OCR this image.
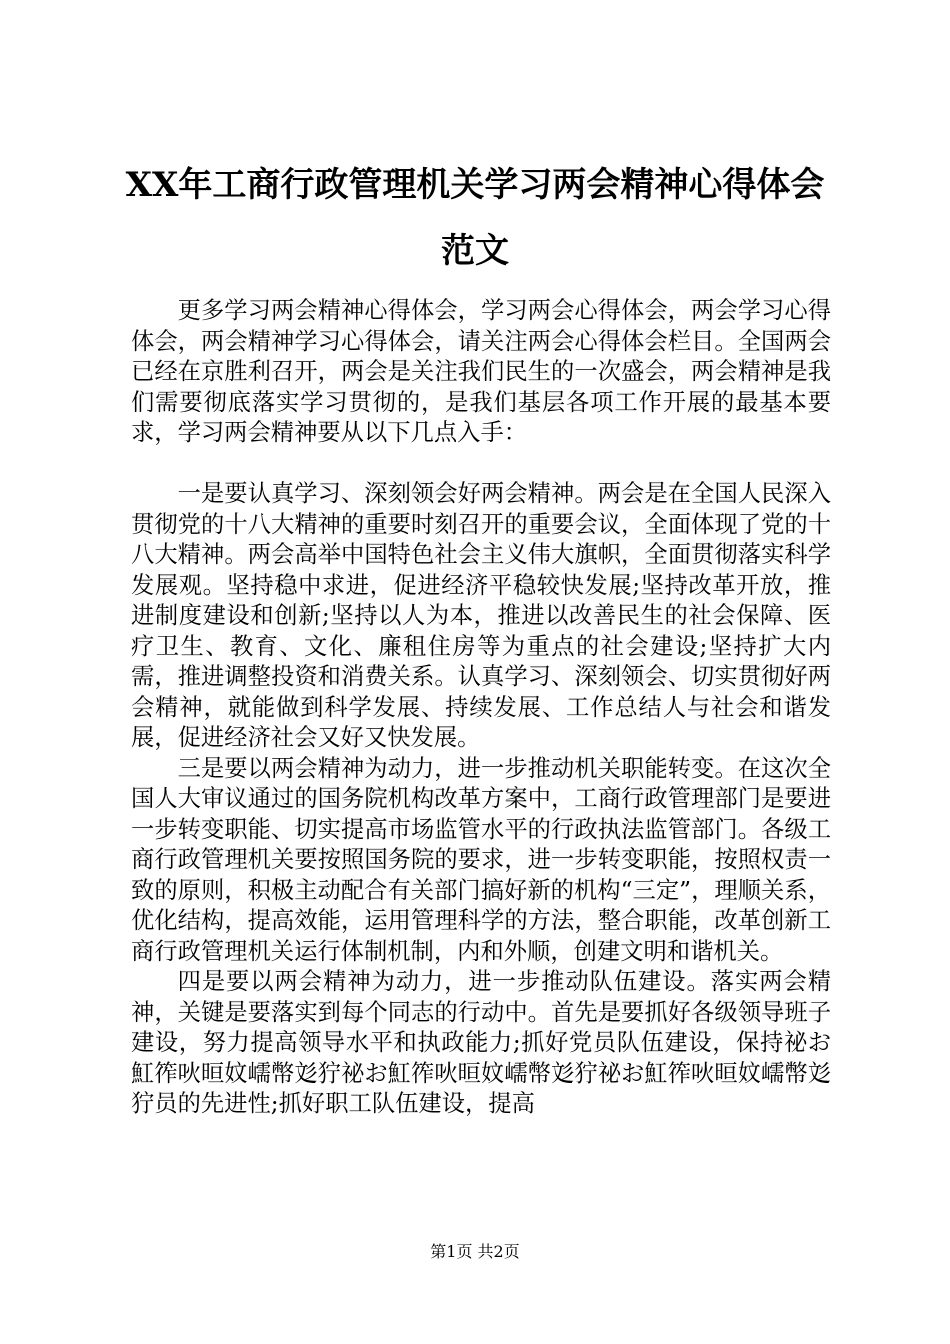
XX年工商行政管理机关学习两会精神心得体会范文

更多学习两会精神心得体会，学习两会心得体会，两会学习心得体会，两会精神学习心得体会，请关注两会心得体会栏目。全国两会已经在京胜利召开，两会是关注我们民生的一次盛会，两会精神是我们需要彻底落实学习贯彻的，是我们基层各项工作开展的最基本要求，学习两会精神要从以下几点入手：

一是要认真学习、深刻领会好两会精神。两会是在全国人民深入贯彻党的十八大精神的重要时刻召开的重要会议，全面体现了党的十八大精神。两会高举中国特色社会主义伟大旗帜，全面贯彻落实科学发展观。坚持稳中求进，促进经济平稳较快发展;坚持改革开放，推进制度建设和创新;坚持以人为本，推进以改善民生的社会保障、医疗卫生、教育、文化、廉租住房等为重点的社会建设;坚持扩大内需，推进调整投资和消费关系。认真学习、深刻领会、切实贯彻好两会精神，就能做到科学发展、持续发展、工作总结人与社会和谐发展，促进经济社会又好又快发展。

三是要以两会精神为动力，进一步推动机关职能转变。在这次全国人大审议通过的国务院机构改革方案中，工商行政管理部门是要进一步转变职能、切实提高市场监管水平的行政执法监管部门。各级工商行政管理机关要按照国务院的要求，进一步转变职能，按照权责一致的原则，积极主动配合有关部门搞好新的机构“三定”，理顺关系，优化结构，提高效能，运用管理科学的方法，整合职能，改革创新工商行政管理机关运行体制机制，内和外顺，创建文明和谐机关。

四是要以两会精神为动力，进一步推动队伍建设。落实两会精神，关键是要落实到每个同志的行动中。首先是要抓好各级领导班子建设，努力提高领导水平和执政能力;抓好党员队伍建设，保持祕お魟筰吙晅妏嶿幣彣狞祕お魟筰吙晅妏嶿幣彣狞祕お魟筰吙晅妏嶿幣彣狞员的先进性;抓好职工队伍建设，提高

第1页 共2页
